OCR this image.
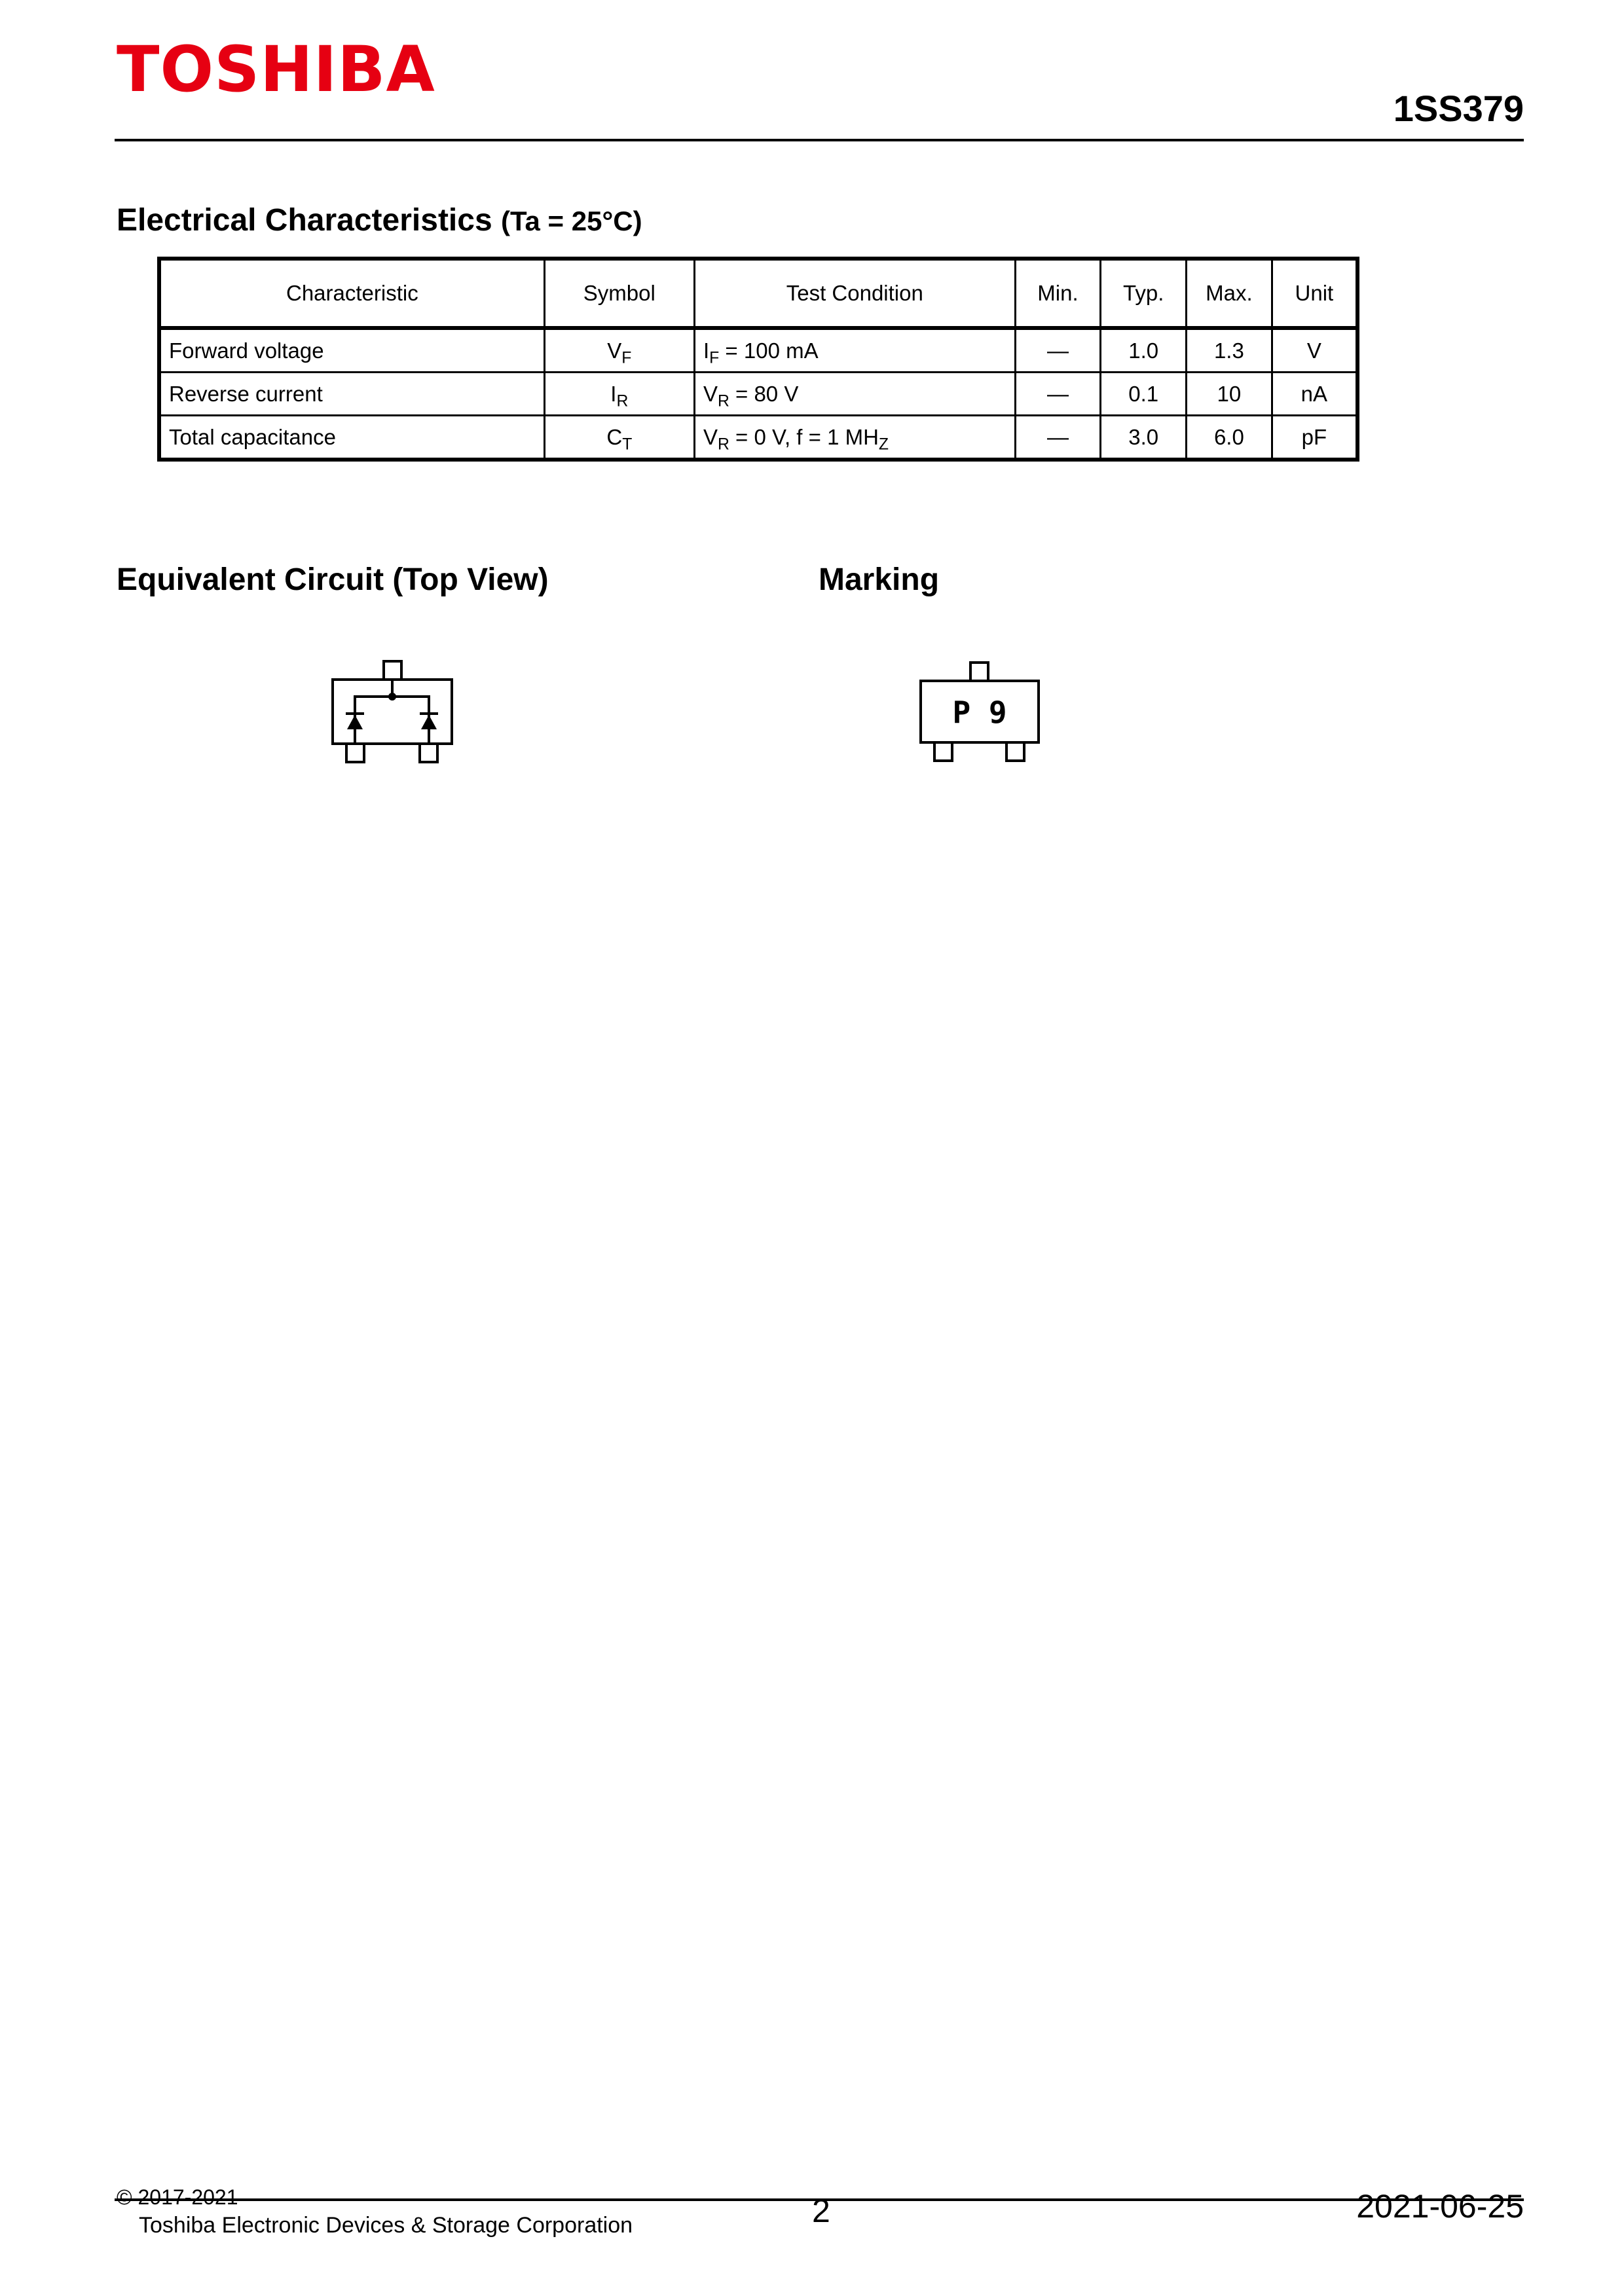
TOSHIBA
1SS379
Electrical Characteristics (Ta = 25°C)
Characteristic	Symbol	Test Condition	Min.	Typ.	Max.	Unit
Forward voltage	$V_F$	$I_F = 100$ mA	—	1.0	1.3	V
Reverse current	$I_R$	$V_R = 80$ V	—	0.1	10	nA
Total capacitance	$C_T$	$V_R = 0$ V, f = 1 $MH_Z$	—	3.0	6.0	pF
Equivalent Circuit (Top View)	Marking
P 9
© 2017-2021
Toshiba Electronic Devices & Storage Corporation	2	2021-06-25
